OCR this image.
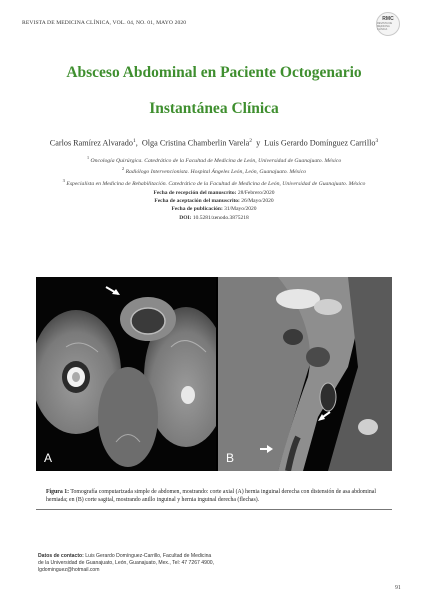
REVISTA DE MEDICINA CLÍNICA, VOL. 04, NO. 01, MAYO 2020
RMC
REVISTA DE MEDICINA CLÍNICA
Absceso Abdominal en Paciente Octogenario
Instantánea Clínica
Carlos Ramírez Alvarado$^1$,  Olga Cristina Chamberlin Varela$^2$  y  Luis Gerardo Domínguez Carrillo$^3$
$^1$ Oncología Quirúrgica. Catedrático de la Facultad de Medicina de León, Universidad de Guanajuato. México
$^2$ Radiólogo Intervencionista. Hospital Ángeles León, León, Guanajuato. México
$^3$ Especialista en Medicina de Rehabilitación. Catedrático de la Facultad de Medicina de León, Universidad de Guanajuato. México
Fecha de recepción del manuscrito: 28/Febrero/2020
Fecha de aceptación del manuscrito: 26/Mayo/2020
Fecha de publicación: 31/Mayo/2020
DOI: 10.5281/zenodo.3875218
A	B
Figura 1: Tomografía computarizada simple de abdomen, mostrando: corte axial (A) hernia inguinal derecha con distensión de asa abdominal herniada; en (B) corte sagital, mostrando anillo inguinal y hernia inguinal derecha (flechas).
Datos de contacto: Luis Gerardo Domínguez-Carrillo, Facultad de Medicina de la Universidad de Guanajuato, León, Guanajuato, Mex., Tel: 47 7267 4900, lgdominguez@hotmail.com
91
